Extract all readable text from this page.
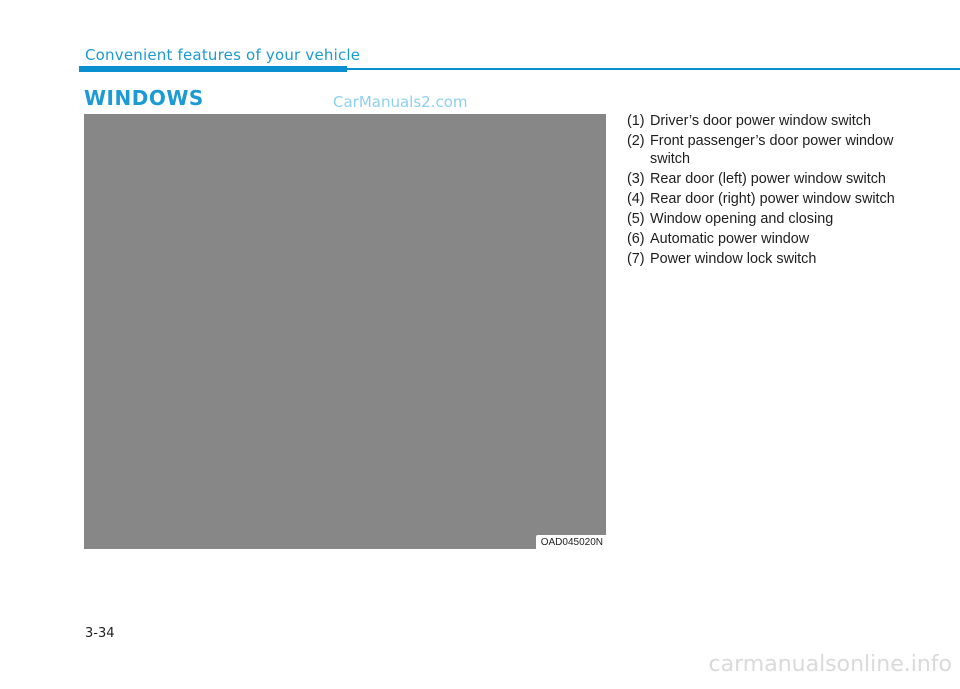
Convenient features of your vehicle
WINDOWS	CarManuals2.com
OAD045020N
(1) Driver’s door power window switch
(2) Front passenger’s door power window switch
(3) Rear door (left) power window switch
(4) Rear door (right) power window switch
(5) Window opening and closing
(6) Automatic power window
(7) Power window lock switch
3-34
carmanualsonline.info
